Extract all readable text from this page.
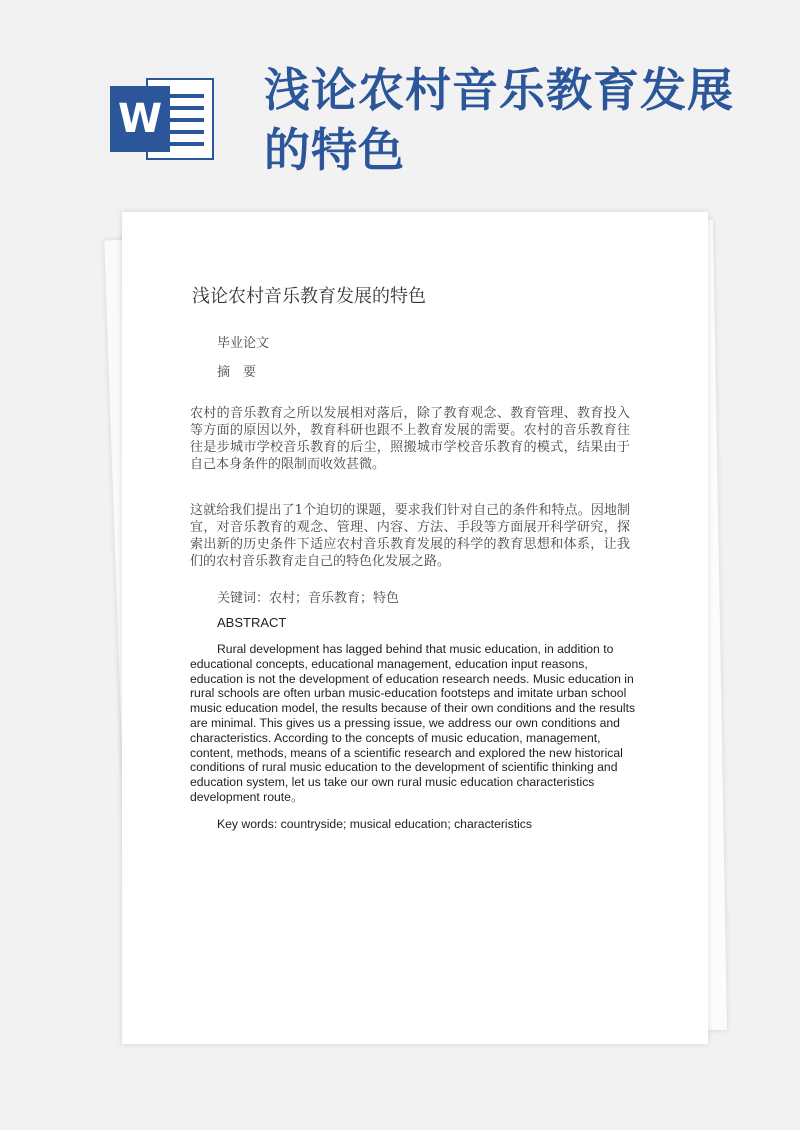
W
浅论农村音乐教育发展的特色
浅论农村音乐教育发展的特色
毕业论文
摘　要
农村的音乐教育之所以发展相对落后，除了教育观念、教育管理、教育投入等方面的原因以外，教育科研也跟不上教育发展的需要。农村的音乐教育往往是步城市学校音乐教育的后尘，照搬城市学校音乐教育的模式，结果由于自己本身条件的限制而收效甚微。
这就给我们提出了1个迫切的课题，要求我们针对自己的条件和特点。因地制宜，对音乐教育的观念、管理、内容、方法、手段等方面展开科学研究，探索出新的历史条件下适应农村音乐教育发展的科学的教育思想和体系，让我们的农村音乐教育走自己的特色化发展之路。
关键词：农村；音乐教育；特色
ABSTRACT
Rural development has lagged behind that music education, in addition to educational concepts, educational management, education input reasons, education is not the development of education research needs. Music education in rural schools are often urban music-education footsteps and imitate urban school music education model, the results because of their own conditions and the results are minimal. This gives us a pressing issue, we address our own conditions and characteristics. According to the concepts of music education, management, content, methods, means of a scientific research and explored the new historical conditions of rural music education to the development of scientific thinking and education system, let us take our own rural music education characteristics development route。
Key words: countryside; musical education; characteristics
